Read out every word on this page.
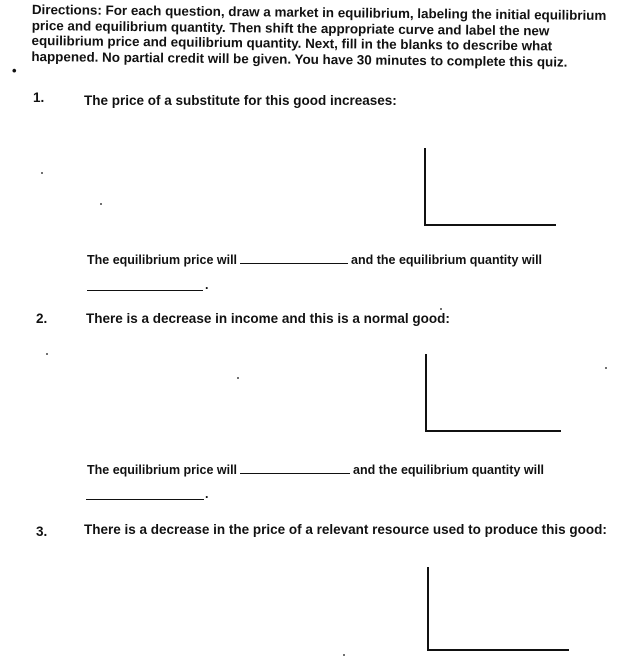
•
Directions: For each question, draw a market in equilibrium, labeling the initial equilibrium price and equilibrium quantity. Then shift the appropriate curve and label the new equilibrium price and equilibrium quantity. Next, fill in the blanks to describe what happened. No partial credit will be given. You have 30 minutes to complete this quiz.
1.	The price of a substitute for this good increases:
The equilibrium price will	and the equilibrium quantity will
.
2.	There is a decrease in income and this is a normal good:
The equilibrium price will	and the equilibrium quantity will
.
3.	There is a decrease in the price of a relevant resource used to produce this good:
